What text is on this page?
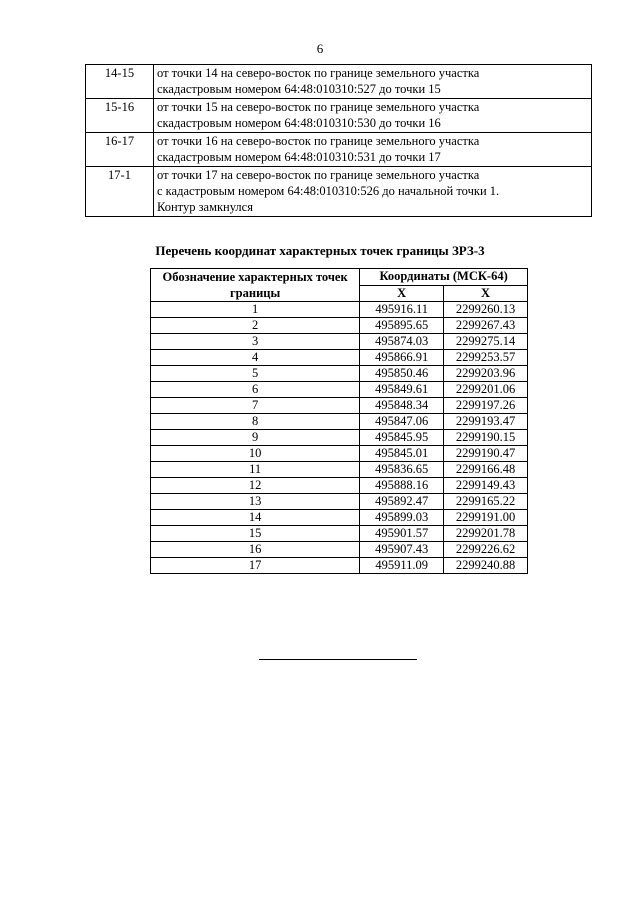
6
14-15	от точки 14 на северо-восток по границе земельного участка
скадастровым номером 64:48:010310:527 до точки 15

15-16	от точки 15 на северо-восток по границе земельного участка
скадастровым номером 64:48:010310:530 до точки 16

16-17	от точки 16 на северо-восток по границе земельного участка
скадастровым номером 64:48:010310:531 до точки 17

17-1	от точки 17 на северо-восток по границе земельного участка
с кадастровым номером 64:48:010310:526 до начальной точки 1.
Контур замкнулся
Перечень координат характерных точек границы ЗРЗ-3
Обозначение характерных точек границы	Координаты (МСК-64)	
	X	X
1	495916.11	2299260.13
2	495895.65	2299267.43
3	495874.03	2299275.14
4	495866.91	2299253.57
5	495850.46	2299203.96
6	495849.61	2299201.06
7	495848.34	2299197.26
8	495847.06	2299193.47
9	495845.95	2299190.15
10	495845.01	2299190.47
11	495836.65	2299166.48
12	495888.16	2299149.43
13	495892.47	2299165.22
14	495899.03	2299191.00
15	495901.57	2299201.78
16	495907.43	2299226.62
17	495911.09	2299240.88
